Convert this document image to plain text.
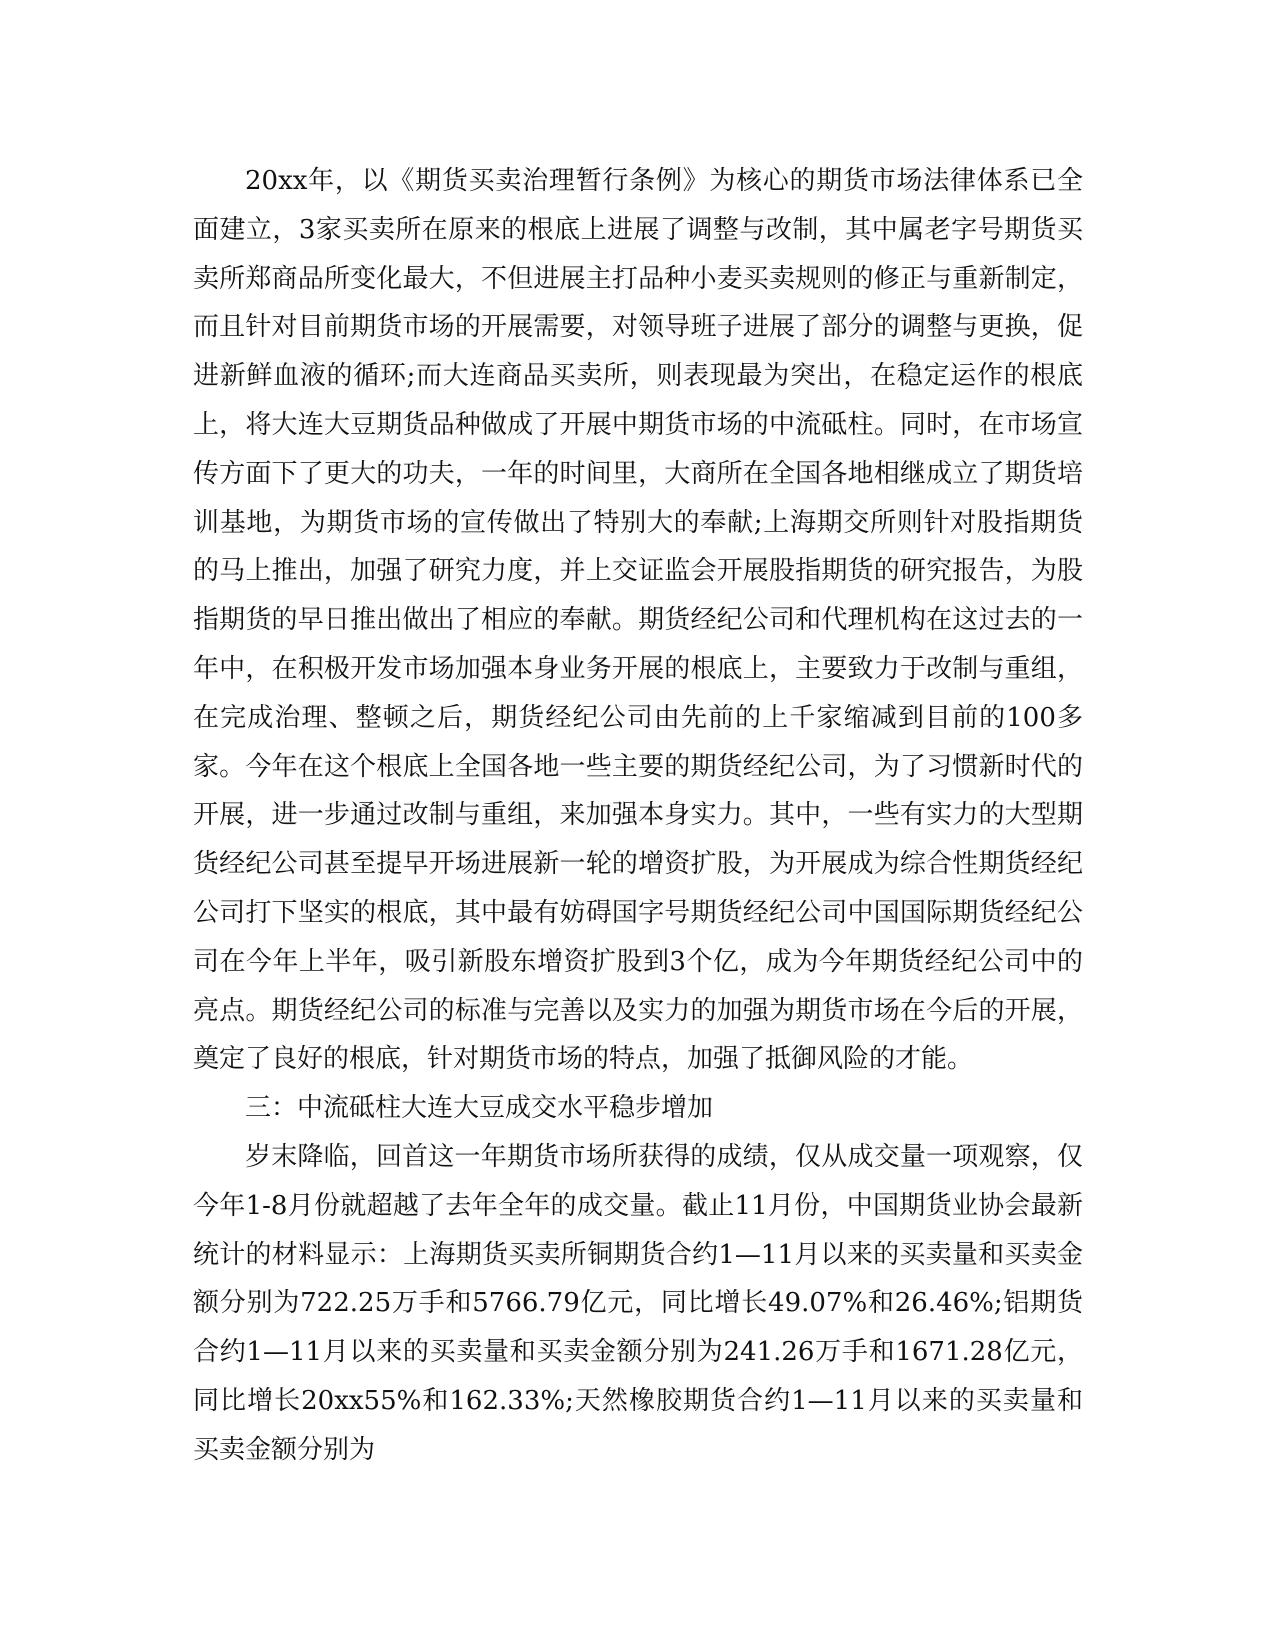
20xx年，以《期货买卖治理暂行条例》为核心的期货市场法律体系已全面建立，3家买卖所在原来的根底上进展了调整与改制，其中属老字号期货买卖所郑商品所变化最大，不但进展主打品种小麦买卖规则的修正与重新制定，而且针对目前期货市场的开展需要，对领导班子进展了部分的调整与更换，促进新鲜血液的循环;而大连商品买卖所，则表现最为突出，在稳定运作的根底上，将大连大豆期货品种做成了开展中期货市场的中流砥柱。同时，在市场宣传方面下了更大的功夫，一年的时间里，大商所在全国各地相继成立了期货培训基地，为期货市场的宣传做出了特别大的奉献;上海期交所则针对股指期货的马上推出，加强了研究力度，并上交证监会开展股指期货的研究报告，为股指期货的早日推出做出了相应的奉献。期货经纪公司和代理机构在这过去的一年中，在积极开发市场加强本身业务开展的根底上，主要致力于改制与重组，在完成治理、整顿之后，期货经纪公司由先前的上千家缩减到目前的100多家。今年在这个根底上全国各地一些主要的期货经纪公司，为了习惯新时代的开展，进一步通过改制与重组，来加强本身实力。其中，一些有实力的大型期货经纪公司甚至提早开场进展新一轮的增资扩股，为开展成为综合性期货经纪公司打下坚实的根底，其中最有妨碍国字号期货经纪公司中国国际期货经纪公司在今年上半年，吸引新股东增资扩股到3个亿，成为今年期货经纪公司中的亮点。期货经纪公司的标准与完善以及实力的加强为期货市场在今后的开展，奠定了良好的根底，针对期货市场的特点，加强了抵御风险的才能。

三：中流砥柱大连大豆成交水平稳步增加

岁末降临，回首这一年期货市场所获得的成绩，仅从成交量一项观察，仅今年1-8月份就超越了去年全年的成交量。截止11月份，中国期货业协会最新统计的材料显示：上海期货买卖所铜期货合约1—11月以来的买卖量和买卖金额分别为722.25万手和5766.79亿元，同比增长49.07%和26.46%;铝期货合约1—11月以来的买卖量和买卖金额分别为241.26万手和1671.28亿元，同比增长20xx55%和162.33%;天然橡胶期货合约1—11月以来的买卖量和买卖金额分别为
